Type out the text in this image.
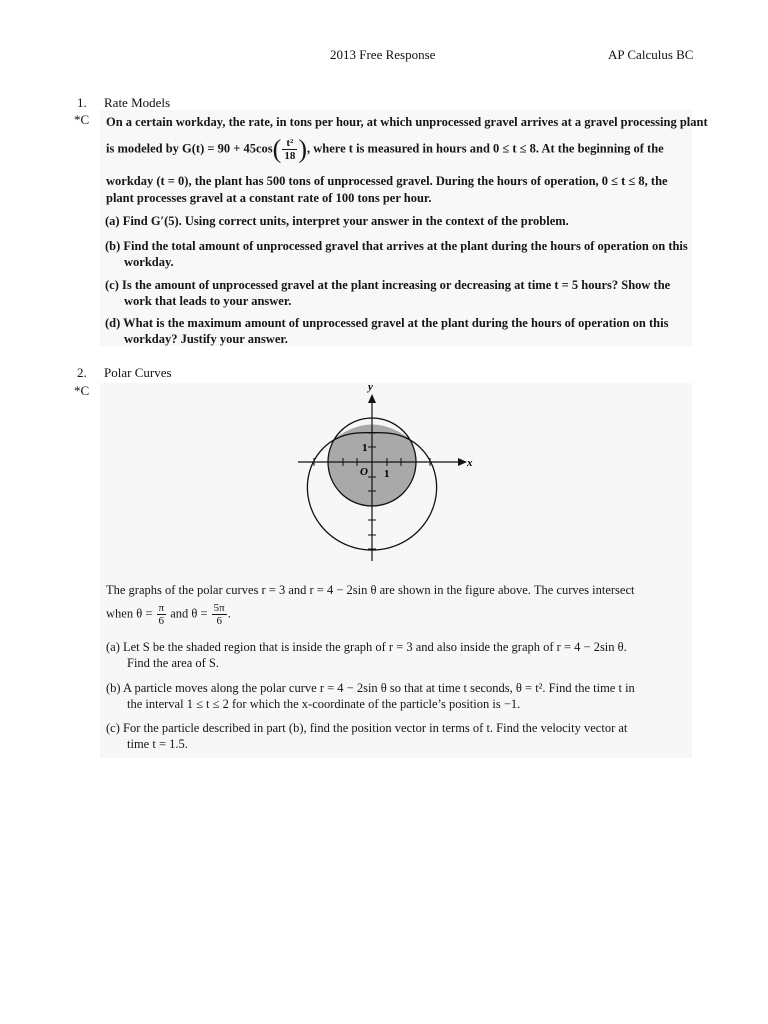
2013 Free Response	AP Calculus BC
1. Rate Models
*C On a certain workday, the rate, in tons per hour, at which unprocessed gravel arrives at a gravel processing plant
is modeled by $G(t) = 90 + 45\cos( \frac{\text{t²}}{18}$ ), where t is measured in hours and 0 ≤ t ≤ 8. At the beginning of the
workday (t = 0), the plant has 500 tons of unprocessed gravel. During the hours of operation, 0 ≤ t ≤ 8, the
plant processes gravel at a constant rate of 100 tons per hour.
(a) Find G′(5). Using correct units, interpret your answer in the context of the problem.
(b) Find the total amount of unprocessed gravel that arrives at the plant during the hours of operation on this
workday.
(c) Is the amount of unprocessed gravel at the plant increasing or decreasing at time t = 5 hours? Show the
work that leads to your answer.
(d) What is the maximum amount of unprocessed gravel at the plant during the hours of operation on this
workday? Justify your answer.
2. Polar Curves
*C	y
x
O 1
1
The graphs of the polar curves r = 3 and r = 4 − 2sin θ are shown in the figure above. The curves intersect
when $\theta = \frac{\pi}{6}$ and $\theta = \frac{5\pi}{6}$ .
(a) Let S be the shaded region that is inside the graph of r = 3 and also inside the graph of r = 4 − 2sin θ.
Find the area of S.
(b) A particle moves along the polar curve r = 4 − 2sin θ so that at time t seconds, θ = t². Find the time t in
the interval 1 ≤ t ≤ 2 for which the x-coordinate of the particle’s position is −1.
(c) For the particle described in part (b), find the position vector in terms of t. Find the velocity vector at
time t = 1.5.
